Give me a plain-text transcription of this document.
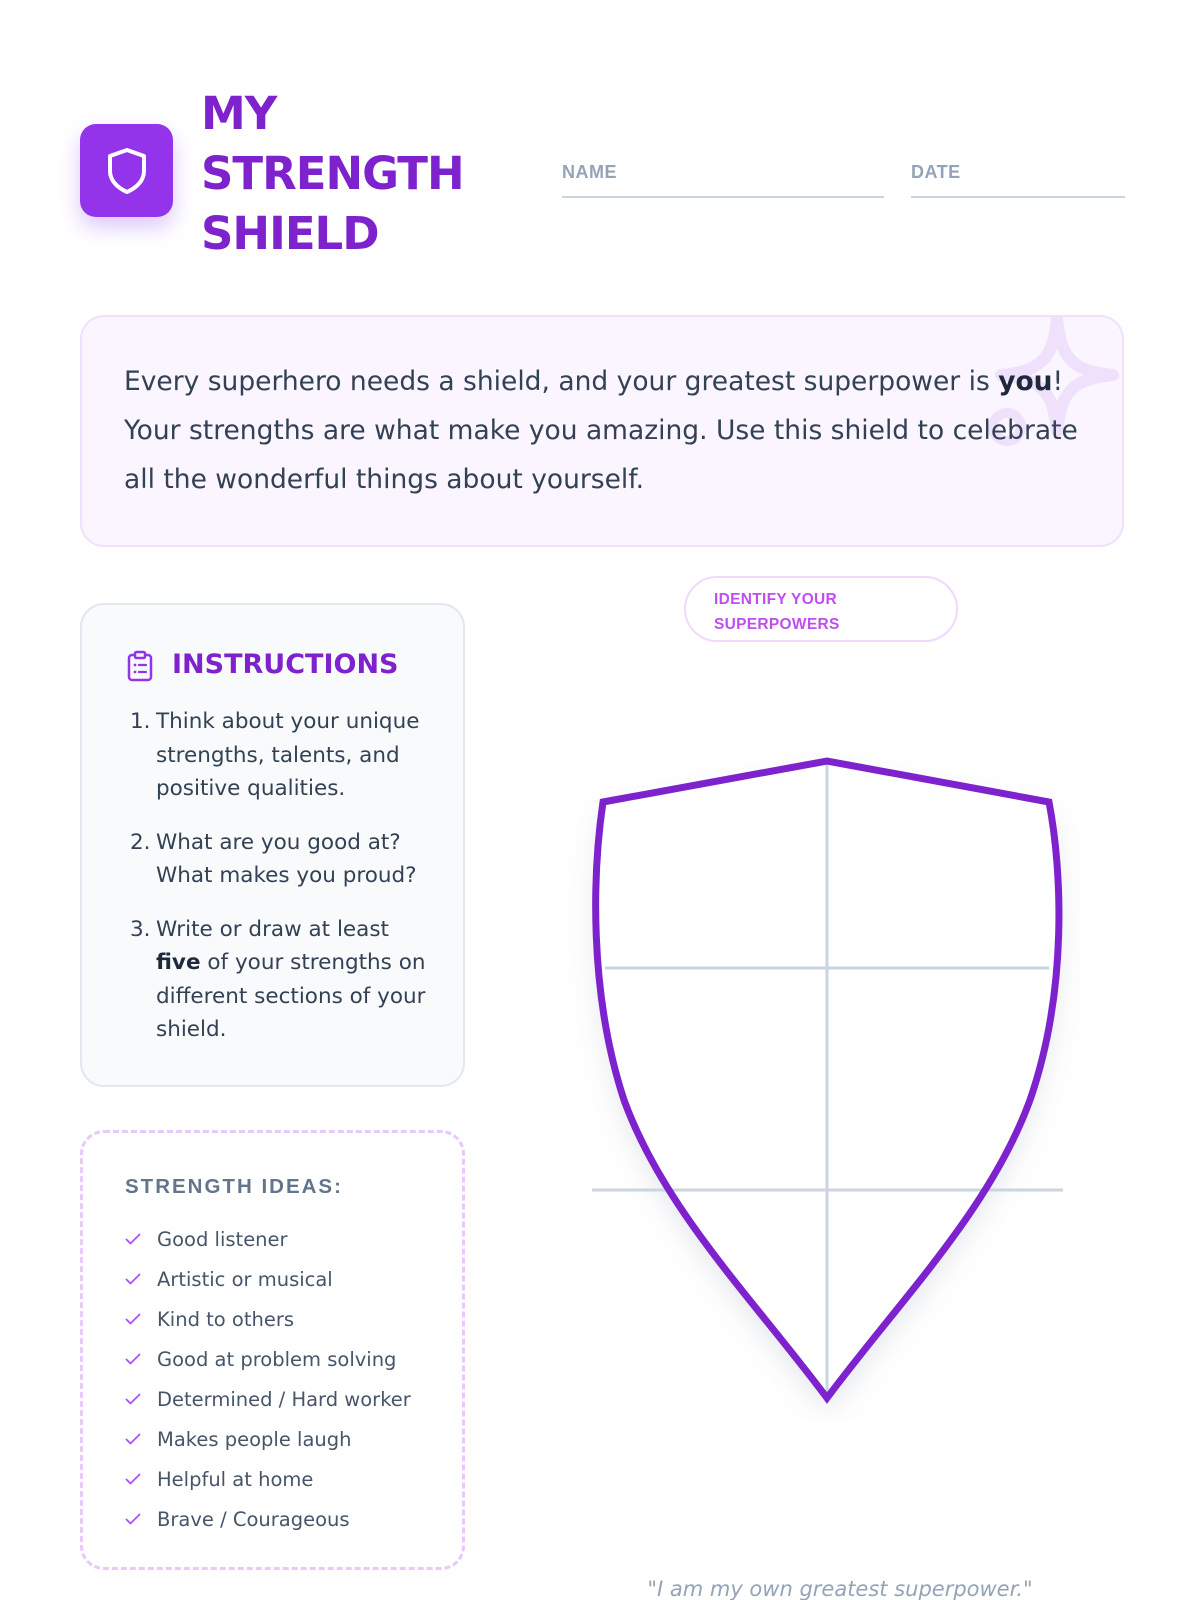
MY STRENGTH SHIELD
NAME	DATE

Every superhero needs a shield, and your greatest superpower is you! Your strengths are what make you amazing. Use this shield to celebrate all the wonderful things about yourself.

IDENTIFY YOUR
SUPERPOWERS
INSTRUCTIONS
1. Think about your unique strengths, talents, and positive qualities.
2. What are you good at? What makes you proud?
3. Write or draw at least five of your strengths on different sections of your shield.
STRENGTH IDEAS:
Good listener
Artistic or musical
Kind to others
Good at problem solving
Determined / Hard worker
Makes people laugh
Helpful at home
Brave / Courageous

"I am my own greatest superpower."
